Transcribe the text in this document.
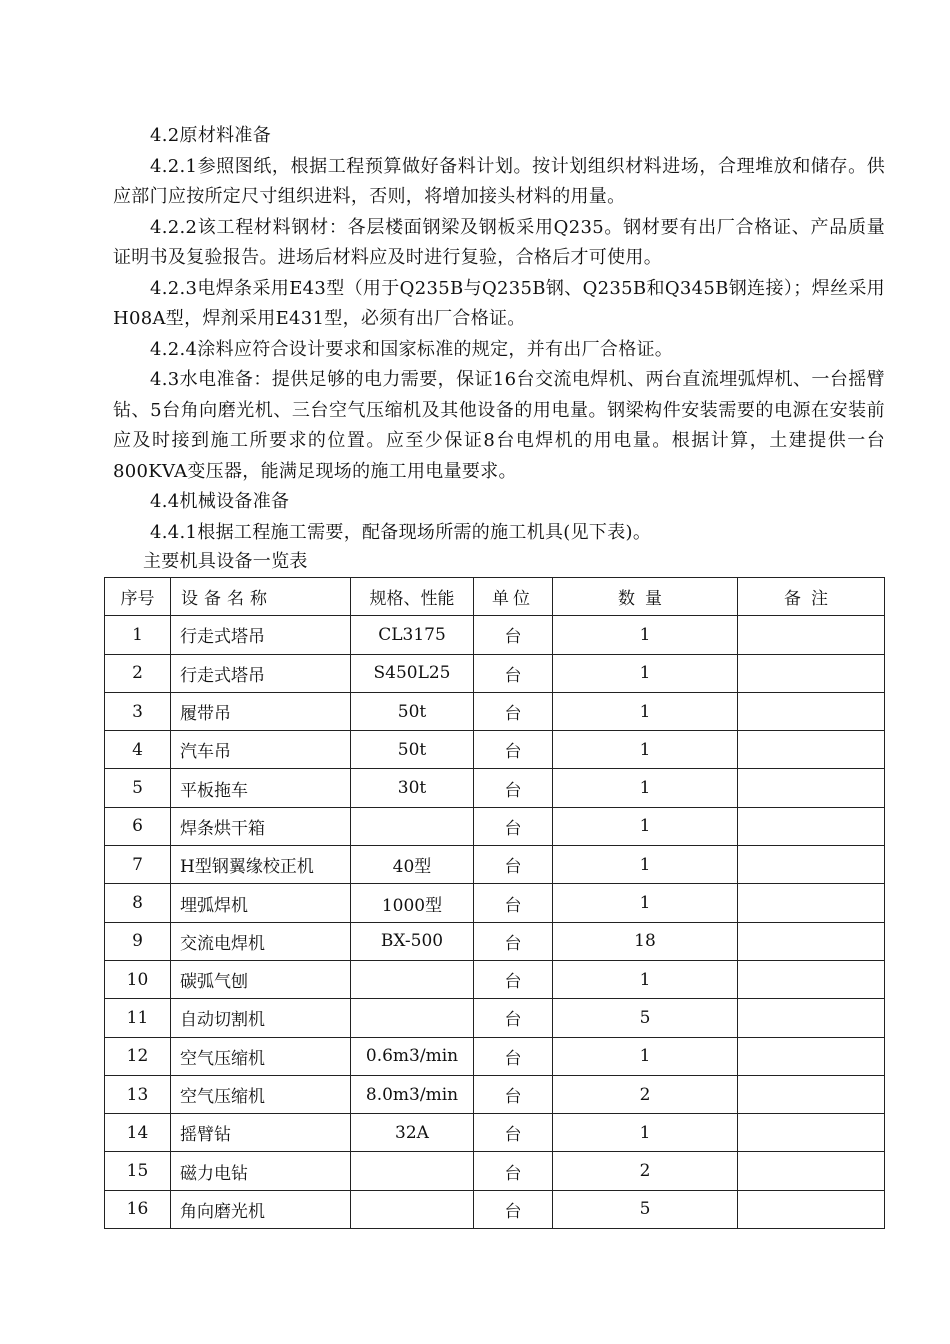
4.2原材料准备

4.2.1参照图纸，根据工程预算做好备料计划。按计划组织材料进场，合理堆放和储存。供应部门应按所定尺寸组织进料，否则，将增加接头材料的用量。

4.2.2该工程材料钢材：各层楼面钢梁及钢板采用Q235。钢材要有出厂合格证、产品质量证明书及复验报告。进场后材料应及时进行复验，合格后才可使用。

4.2.3电焊条采用E43型（用于Q235B与Q235B钢、Q235B和Q345B钢连接）；焊丝采用H08A型，焊剂采用E431型，必须有出厂合格证。

4.2.4涂料应符合设计要求和国家标准的规定，并有出厂合格证。

4.3水电准备：提供足够的电力需要，保证16台交流电焊机、两台直流埋弧焊机、一台摇臂钻、5台角向磨光机、三台空气压缩机及其他设备的用电量。钢梁构件安装需要的电源在安装前应及时接到施工所要求的位置。应至少保证8台电焊机的用电量。根据计算，土建提供一台800KVA变压器，能满足现场的施工用电量要求。

4.4机械设备准备

4.4.1根据工程施工需要，配备现场所需的施工机具(见下表)。

主要机具设备一览表

序号	设备名称	规格、性能	单位	数量	备注
1	行走式塔吊	CL3175	台	1	
2	行走式塔吊	S450L25	台	1	
3	履带吊	50t	台	1	
4	汽车吊	50t	台	1	
5	平板拖车	30t	台	1	
6	焊条烘干箱		台	1	
7	H型钢翼缘校正机	40型	台	1	
8	埋弧焊机	1000型	台	1	
9	交流电焊机	BX-500	台	18	
10	碳弧气刨		台	1	
11	自动切割机		台	5	
12	空气压缩机	0.6m3/min	台	1	
13	空气压缩机	8.0m3/min	台	2	
14	摇臂钻	32A	台	1	
15	磁力电钻		台	2	
16	角向磨光机		台	5	
